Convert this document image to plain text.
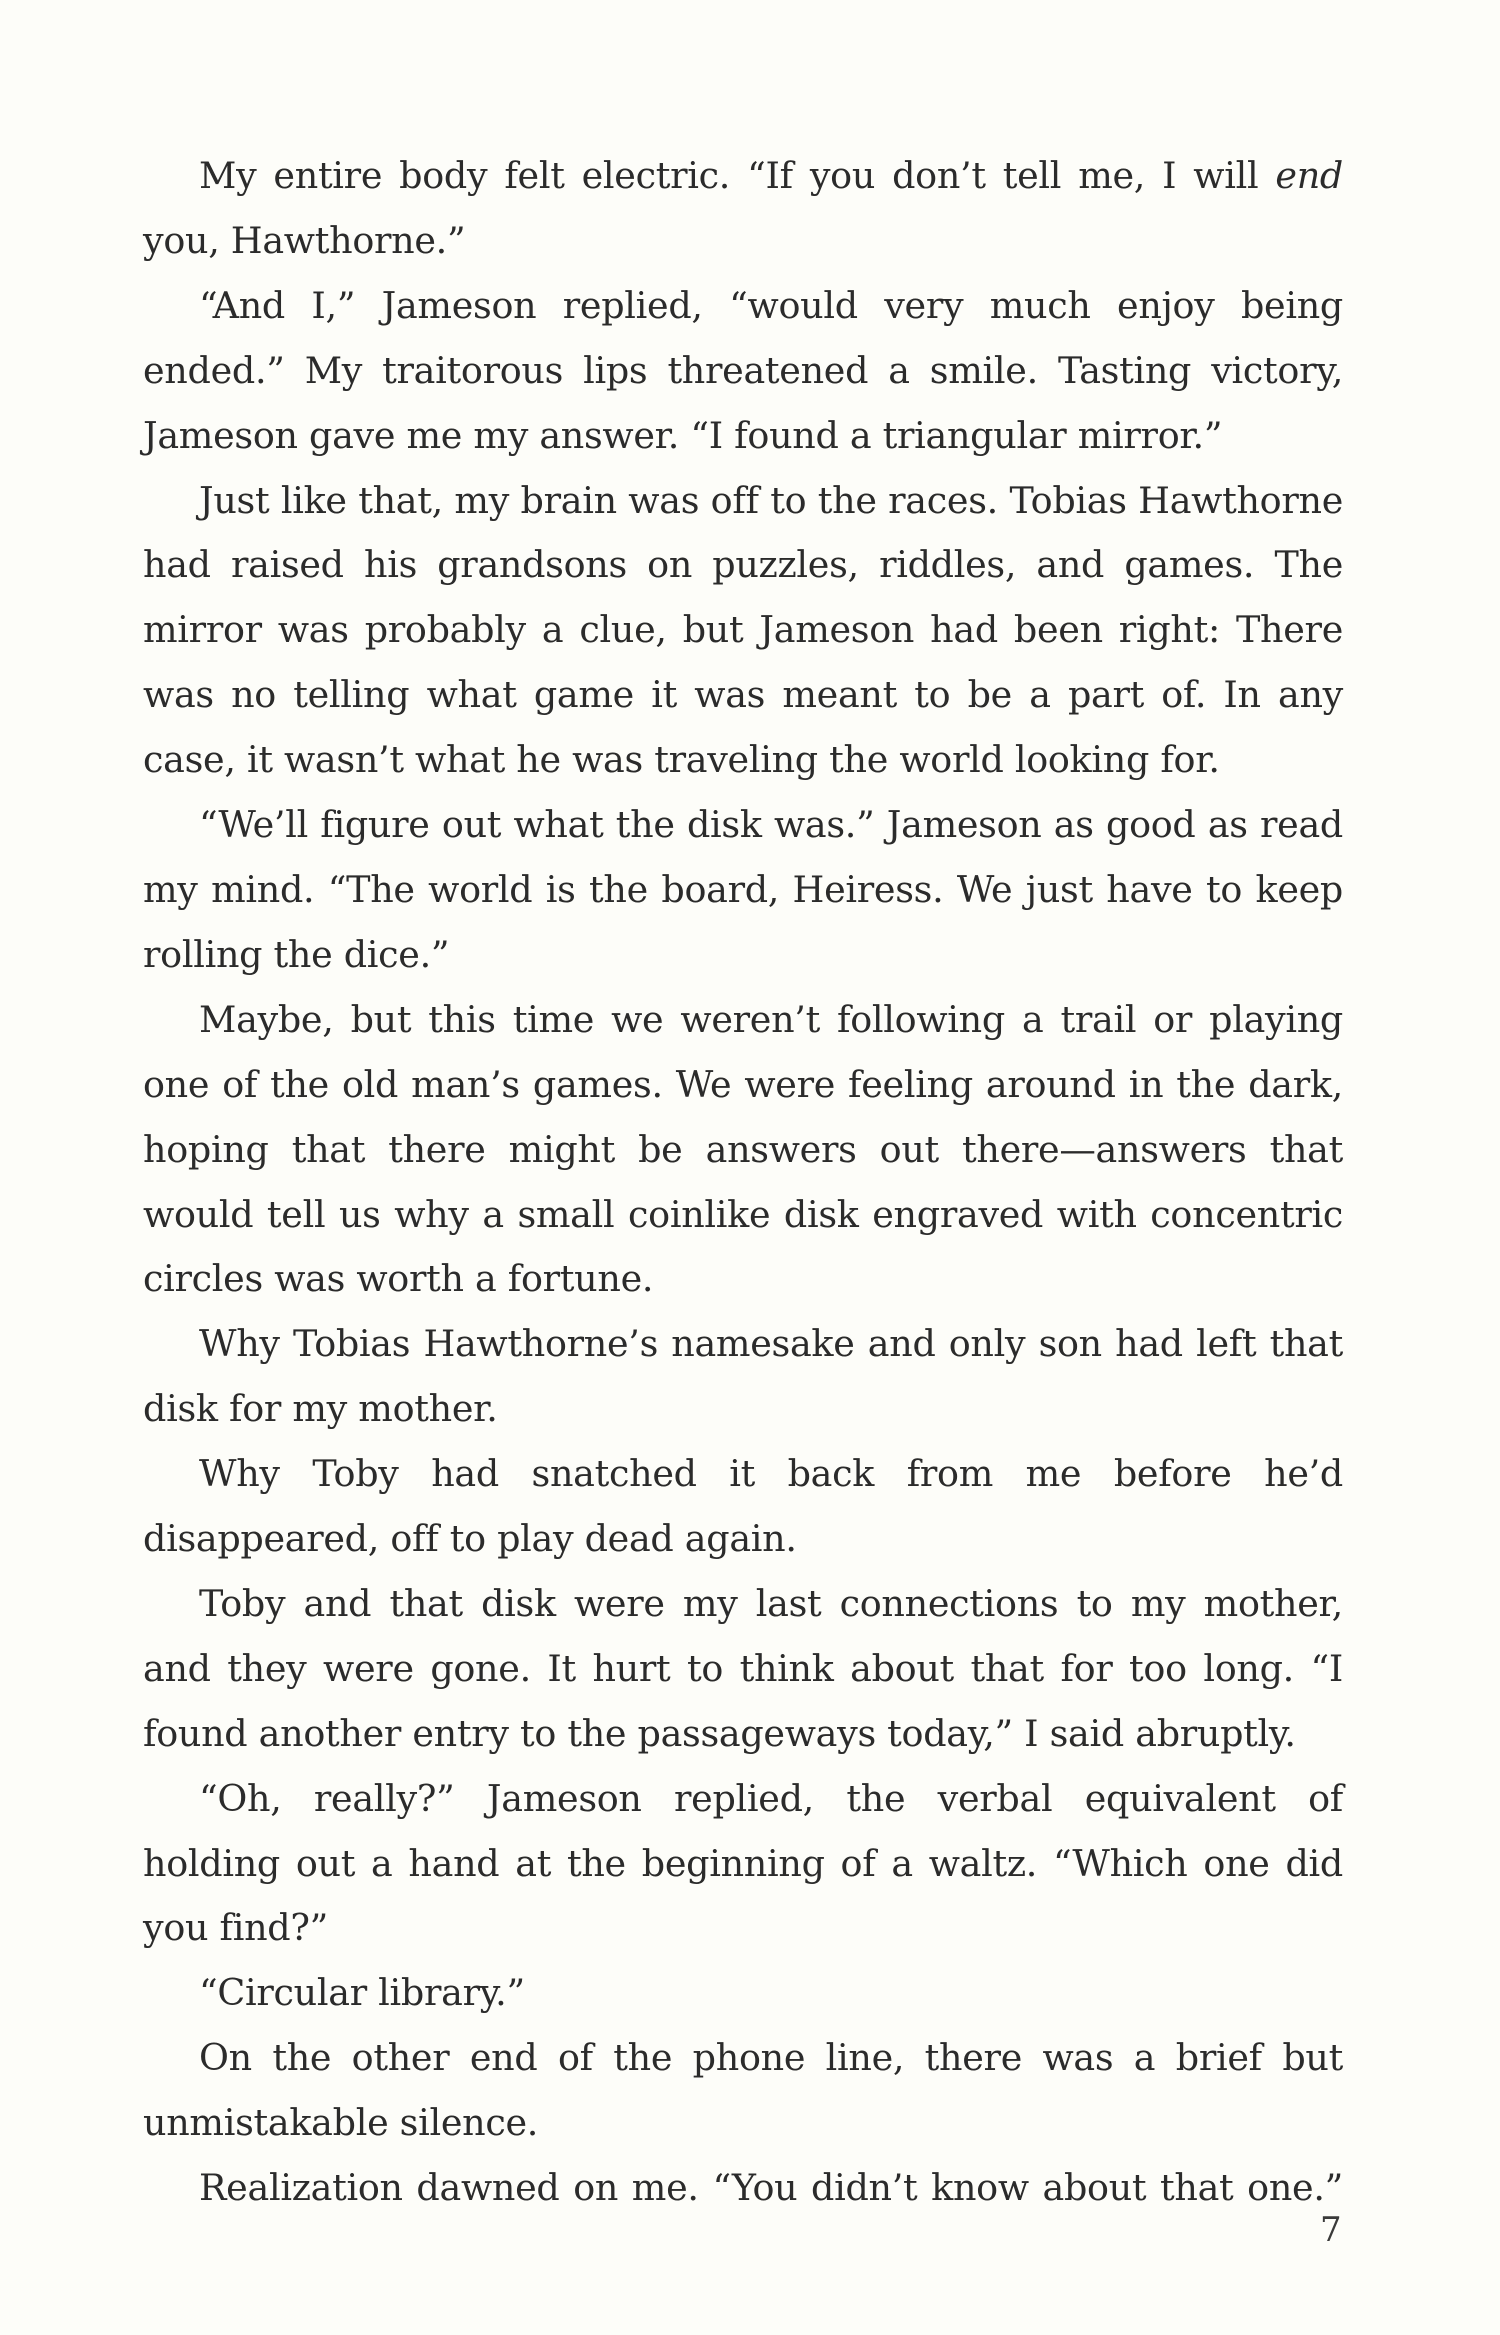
My entire body felt electric. “If you don’t tell me, I will end you, Hawthorne.”

“And I,” Jameson replied, “would very much enjoy being ended.” My traitorous lips threatened a smile. Tasting victory, Jameson gave me my answer. “I found a triangular mirror.”

Just like that, my brain was off to the races. Tobias Hawthorne had raised his grandsons on puzzles, riddles, and games. The mirror was probably a clue, but Jameson had been right: There was no telling what game it was meant to be a part of. In any case, it wasn’t what he was traveling the world looking for.

“We’ll figure out what the disk was.” Jameson as good as read my mind. “The world is the board, Heiress. We just have to keep rolling the dice.”

Maybe, but this time we weren’t following a trail or playing one of the old man’s games. We were feeling around in the dark, hoping that there might be answers out there—answers that would tell us why a small coinlike disk engraved with concentric circles was worth a fortune.

Why Tobias Hawthorne’s namesake and only son had left that disk for my mother.

Why Toby had snatched it back from me before he’d disappeared, off to play dead again.

Toby and that disk were my last connections to my mother, and they were gone. It hurt to think about that for too long. “I found another entry to the passageways today,” I said abruptly.

“Oh, really?” Jameson replied, the verbal equivalent of holding out a hand at the beginning of a waltz. “Which one did you find?”

“Circular library.”

On the other end of the phone line, there was a brief but unmistakable silence.

Realization dawned on me. “You didn’t know about that one.”

7
